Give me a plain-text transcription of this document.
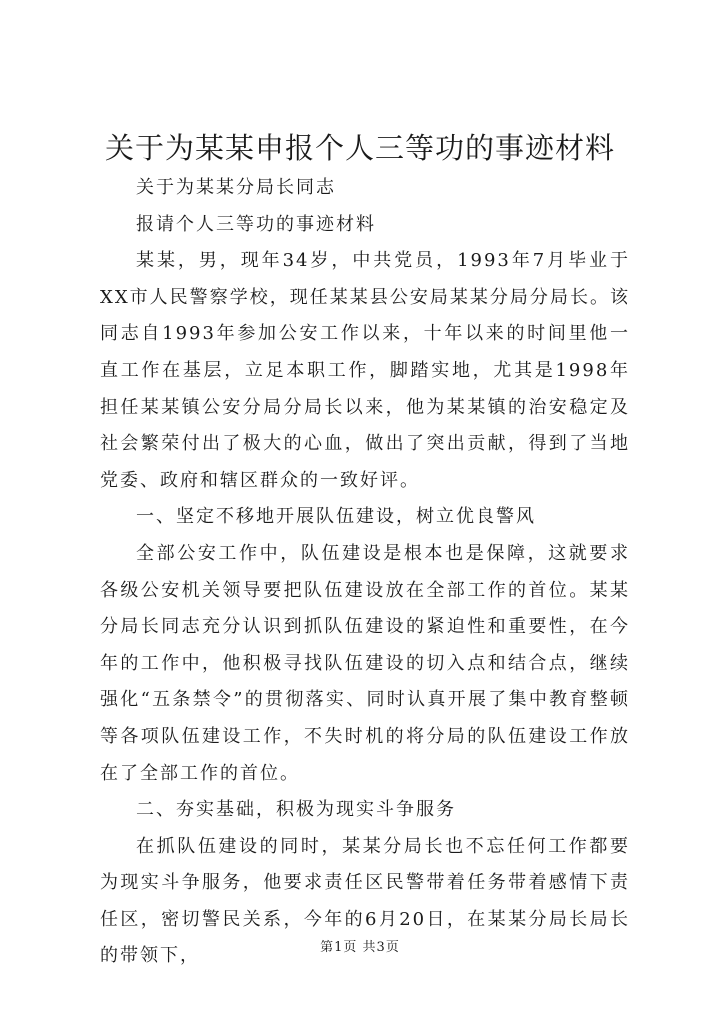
关于为某某申报个人三等功的事迹材料

关于为某某分局长同志

报请个人三等功的事迹材料

某某，男，现年34岁，中共党员，1993年7月毕业于XX市人民警察学校，现任某某县公安局某某分局分局长。该同志自1993年参加公安工作以来，十年以来的时间里他一直工作在基层，立足本职工作，脚踏实地，尤其是1998年担任某某镇公安分局分局长以来，他为某某镇的治安稳定及社会繁荣付出了极大的心血，做出了突出贡献，得到了当地党委、政府和辖区群众的一致好评。

一、坚定不移地开展队伍建设，树立优良警风

全部公安工作中，队伍建设是根本也是保障，这就要求各级公安机关领导要把队伍建设放在全部工作的首位。某某分局长同志充分认识到抓队伍建设的紧迫性和重要性，在今年的工作中，他积极寻找队伍建设的切入点和结合点，继续强化“五条禁令”的贯彻落实、同时认真开展了集中教育整顿等各项队伍建设工作，不失时机的将分局的队伍建设工作放在了全部工作的首位。

二、夯实基础，积极为现实斗争服务

在抓队伍建设的同时，某某分局长也不忘任何工作都要为现实斗争服务，他要求责任区民警带着任务带着感情下责任区，密切警民关系，今年的6月20日，在某某分局长局长的带领下，	第1页 共3页
